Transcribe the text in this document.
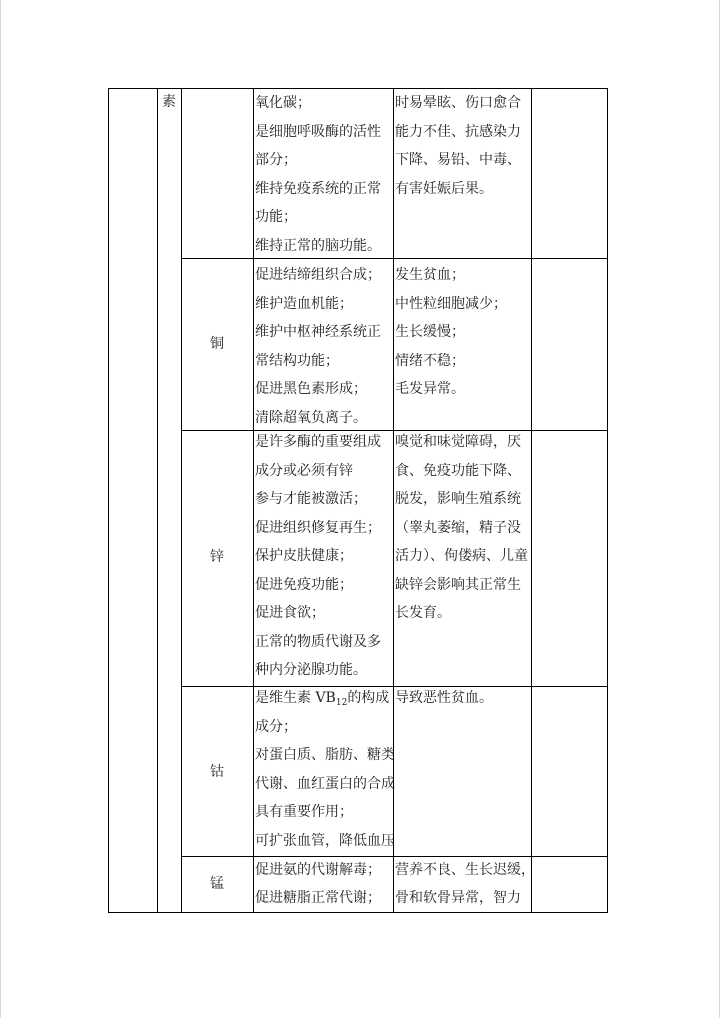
素	氧化碳；
是细胞呼吸酶的活性
部分；
维持免疫系统的正常
功能；
维持正常的脑功能。
时易晕眩、伤口愈合
能力不佳、抗感染力
下降、易铅、中毒、
有害妊娠后果。
铜
促进结缔组织合成；
维护造血机能；
维护中枢神经系统正
常结构功能；
促进黑色素形成；
清除超氧负离子。
发生贫血；
中性粒细胞减少；
生长缓慢；
情绪不稳；
毛发异常。
锌
是许多酶的重要组成
成分或必须有锌
参与才能被激活；
促进组织修复再生；
保护皮肤健康；
促进免疫功能；
促进食欲；
正常的物质代谢及多
种内分泌腺功能。
嗅觉和味觉障碍，厌
食、免疫功能下降、
脱发，影响生殖系统
（睾丸萎缩，精子没
活力）、佝偻病、儿童
缺锌会影响其正常生
长发育。
钴
是维生素 $VB_{12}$的构成
成分；
对蛋白质、脂肪、糖类
代谢、血红蛋白的合成
具有重要作用；
可扩张血管，降低血压
导致恶性贫血。
锰
促进氨的代谢解毒；
促进糖脂正常代谢；
营养不良、生长迟缓，
骨和软骨异常，智力
